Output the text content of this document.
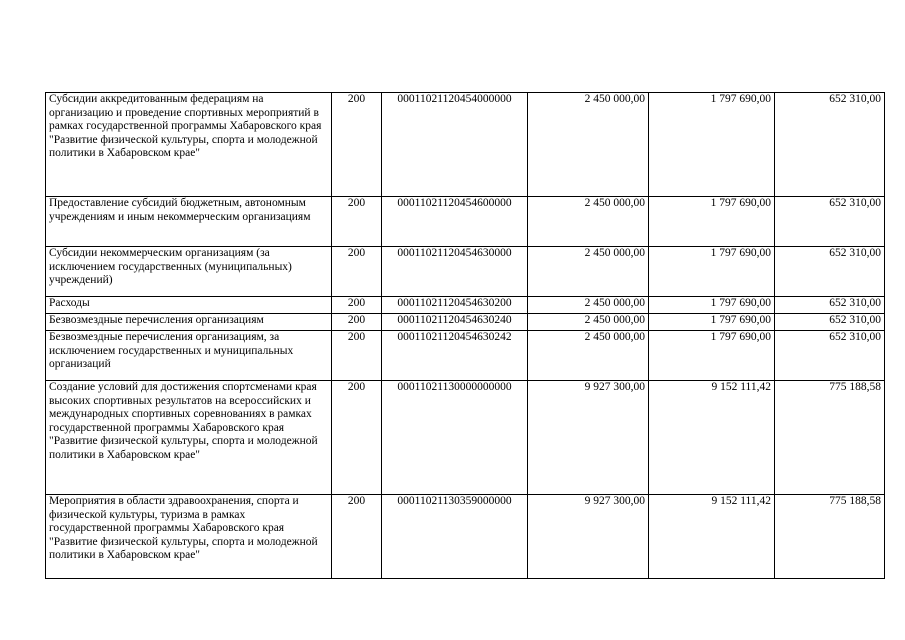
Субсидии аккредитованным федерациям на организацию и проведение спортивных мероприятий в рамках государственной программы Хабаровского края "Развитие физической культуры, спорта и молодежной политики в Хабаровском крае"	200	00011021120454000000	2 450 000,00	1 797 690,00	652 310,00
Предоставление субсидий бюджетным, автономным учреждениям и иным некоммерческим организациям	200	00011021120454600000	2 450 000,00	1 797 690,00	652 310,00
Субсидии некоммерческим организациям (за исключением государственных (муниципальных) учреждений)	200	00011021120454630000	2 450 000,00	1 797 690,00	652 310,00
Расходы	200	00011021120454630200	2 450 000,00	1 797 690,00	652 310,00
Безвозмездные перечисления организациям	200	00011021120454630240	2 450 000,00	1 797 690,00	652 310,00
Безвозмездные перечисления организациям, за исключением государственных и муниципальных организаций	200	00011021120454630242	2 450 000,00	1 797 690,00	652 310,00
Создание условий для достижения спортсменами края высоких спортивных результатов на всероссийских и международных спортивных соревнованиях в рамках государственной программы Хабаровского края "Развитие физической культуры, спорта и молодежной политики в Хабаровском крае"	200	00011021130000000000	9 927 300,00	9 152 111,42	775 188,58
Мероприятия в области здравоохранения, спорта и физической культуры, туризма в рамках государственной программы Хабаровского края "Развитие физической культуры, спорта и молодежной политики в Хабаровском крае"	200	00011021130359000000	9 927 300,00	9 152 111,42	775 188,58
